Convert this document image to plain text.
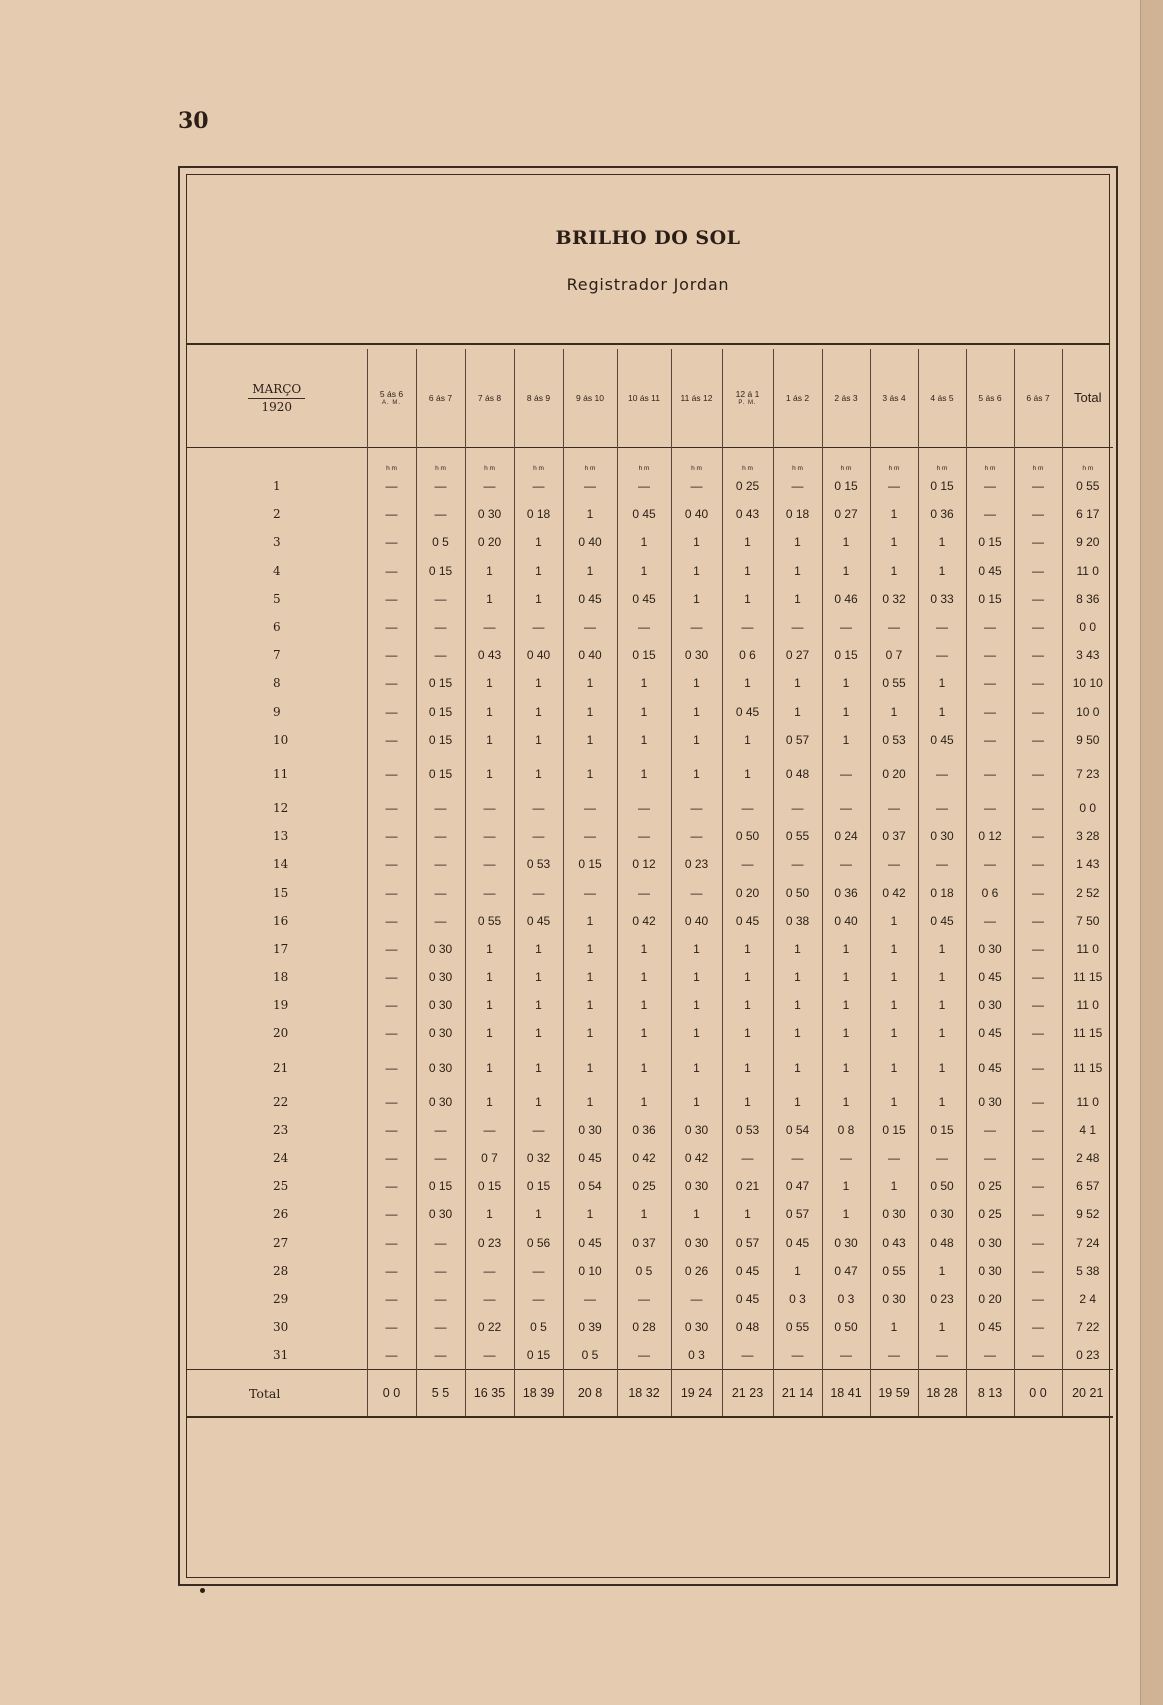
30
BRILHO DO SOL
Registrador Jordan
MARÇO
1920	5 ás 6
A. M.	6 ás 7	7 ás 8	8 ás 9	9 ás 10	10 ás 11	11 ás 12	12 á 1
P. M.	1 ás 2	2 ás 3	3 ás 4	4 ás 5	5 ás 6	6 ás 7	Total
	h m	h m	h m	h m	h m	h m	h m	h m	h m	h m	h m	h m	h m	h m	h m
1	—	—	—	—	—	—	—	0 25	—	0 15	—	0 15	—	—	0 55
2	—	—	0 30	0 18	1	0 45	0 40	0 43	0 18	0 27	1	0 36	—	—	6 17
3	—	0 5	0 20	1	0 40	1	1	1	1	1	1	1	0 15	—	9 20
4	—	0 15	1	1	1	1	1	1	1	1	1	1	0 45	—	11 0
5	—	—	1	1	0 45	0 45	1	1	1	0 46	0 32	0 33	0 15	—	8 36
6	—	—	—	—	—	—	—	—	—	—	—	—	—	—	0 0
7	—	—	0 43	0 40	0 40	0 15	0 30	0 6	0 27	0 15	0 7	—	—	—	3 43
8	—	0 15	1	1	1	1	1	1	1	1	0 55	1	—	—	10 10
9	—	0 15	1	1	1	1	1	0 45	1	1	1	1	—	—	10 0
10	—	0 15	1	1	1	1	1	1	0 57	1	0 53	0 45	—	—	9 50
11	—	0 15	1	1	1	1	1	1	0 48	—	0 20	—	—	—	7 23
12	—	—	—	—	—	—	—	—	—	—	—	—	—	—	0 0
13	—	—	—	—	—	—	—	0 50	0 55	0 24	0 37	0 30	0 12	—	3 28
14	—	—	—	0 53	0 15	0 12	0 23	—	—	—	—	—	—	—	1 43
15	—	—	—	—	—	—	—	0 20	0 50	0 36	0 42	0 18	0 6	—	2 52
16	—	—	0 55	0 45	1	0 42	0 40	0 45	0 38	0 40	1	0 45	—	—	7 50
17	—	0 30	1	1	1	1	1	1	1	1	1	1	0 30	—	11 0
18	—	0 30	1	1	1	1	1	1	1	1	1	1	0 45	—	11 15
19	—	0 30	1	1	1	1	1	1	1	1	1	1	0 30	—	11 0
20	—	0 30	1	1	1	1	1	1	1	1	1	1	0 45	—	11 15
21	—	0 30	1	1	1	1	1	1	1	1	1	1	0 45	—	11 15
22	—	0 30	1	1	1	1	1	1	1	1	1	1	0 30	—	11 0
23	—	—	—	—	0 30	0 36	0 30	0 53	0 54	0 8	0 15	0 15	—	—	4 1
24	—	—	0 7	0 32	0 45	0 42	0 42	—	—	—	—	—	—	—	2 48
25	—	0 15	0 15	0 15	0 54	0 25	0 30	0 21	0 47	1	1	0 50	0 25	—	6 57
26	—	0 30	1	1	1	1	1	1	0 57	1	0 30	0 30	0 25	—	9 52
27	—	—	0 23	0 56	0 45	0 37	0 30	0 57	0 45	0 30	0 43	0 48	0 30	—	7 24
28	—	—	—	—	0 10	0 5	0 26	0 45	1	0 47	0 55	1	0 30	—	5 38
29	—	—	—	—	—	—	—	0 45	0 3	0 3	0 30	0 23	0 20	—	2 4
30	—	—	0 22	0 5	0 39	0 28	0 30	0 48	0 55	0 50	1	1	0 45	—	7 22
31	—	—	—	0 15	0 5	—	0 3	—	—	—	—	—	—	—	0 23
Total	0 0	5 5	16 35	18 39	20 8	18 32	19 24	21 23	21 14	18 41	19 59	18 28	8 13	0 0	20 21
